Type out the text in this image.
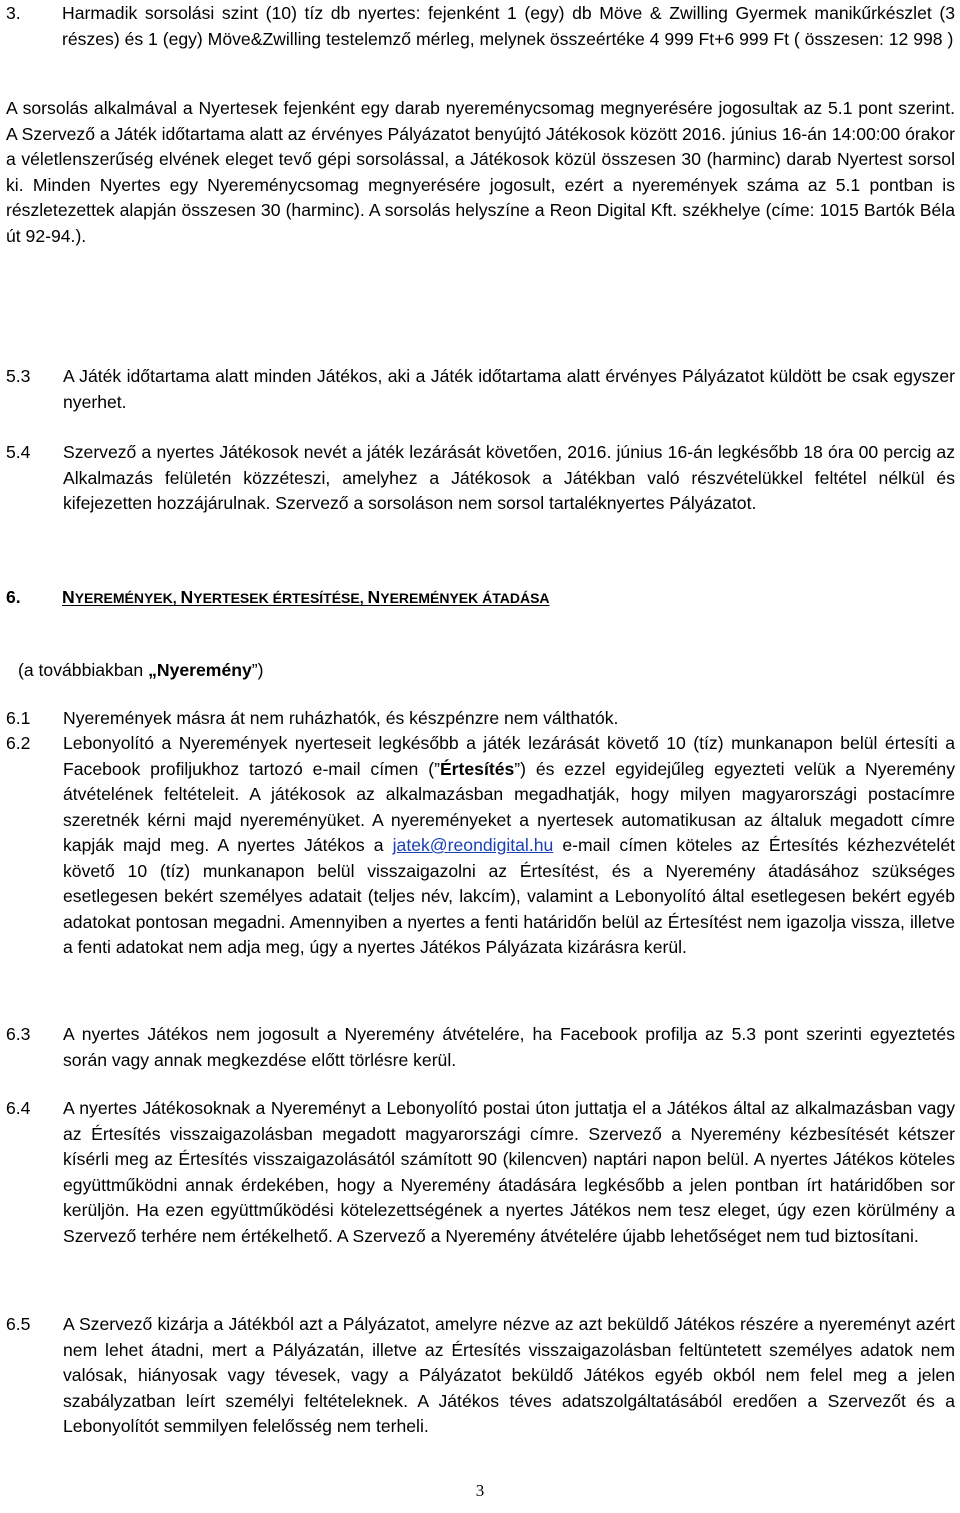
3. Harmadik sorsolási szint (10) tíz db nyertes: fejenként 1 (egy) db Möve & Zwilling Gyermek manikűrkészlet (3 részes) és 1 (egy) Möve&Zwilling testelemző mérleg, melynek összeértéke 4 999 Ft+6 999 Ft ( összesen: 12 998 )

A sorsolás alkalmával a Nyertesek fejenként egy darab nyereménycsomag megnyerésére jogosultak az 5.1 pont szerint. A Szervező a Játék időtartama alatt az érvényes Pályázatot benyújtó Játékosok között 2016. június 16-án 14:00:00 órakor a véletlenszerűség elvének eleget tevő gépi sorsolással, a Játékosok közül összesen 30 (harminc) darab Nyertest sorsol ki. Minden Nyertes egy Nyereménycsomag megnyerésére jogosult, ezért a nyeremények száma az 5.1 pontban is részletezettek alapján összesen 30 (harminc). A sorsolás helyszíne a Reon Digital Kft. székhelye (címe: 1015 Bartók Béla út 92-94.).

5.3 A Játék időtartama alatt minden Játékos, aki a Játék időtartama alatt érvényes Pályázatot küldött be csak egyszer nyerhet.
5.4 Szervező a nyertes Játékosok nevét a játék lezárását követően, 2016. június 16-án legkésőbb 18 óra 00 percig az Alkalmazás felületén közzéteszi, amelyhez a Játékosok a Játékban való részvételükkel feltétel nélkül és kifejezetten hozzájárulnak. Szervező a sorsoláson nem sorsol tartaléknyertes Pályázatot.
6. NYEREMÉNYEK, NYERTESEK ÉRTESÍTÉSE, NYEREMÉNYEK ÁTADÁSA

(a továbbiakban „Nyeremény”)

6.1 Nyeremények másra át nem ruházhatók, és készpénzre nem válthatók.
6.2 Lebonyolító a Nyeremények nyerteseit legkésőbb a játék lezárását követő 10 (tíz) munkanapon belül értesíti a Facebook profiljukhoz tartozó e-mail címen (”Értesítés”) és ezzel egyidejűleg egyezteti velük a Nyeremény átvételének feltételeit. A játékosok az alkalmazásban megadhatják, hogy milyen magyarországi postacímre szeretnék kérni majd nyereményüket. A nyereményeket a nyertesek automatikusan az általuk megadott címre kapják majd meg. A nyertes Játékos a jatek@reondigital.hu e-mail címen köteles az Értesítés kézhezvételét követő 10 (tíz) munkanapon belül visszaigazolni az Értesítést, és a Nyeremény átadásához szükséges esetlegesen bekért személyes adatait (teljes név, lakcím), valamint a Lebonyolító által esetlegesen bekért egyéb adatokat pontosan megadni. Amennyiben a nyertes a fenti határidőn belül az Értesítést nem igazolja vissza, illetve a fenti adatokat nem adja meg, úgy a nyertes Játékos Pályázata kizárásra kerül.
6.3 A nyertes Játékos nem jogosult a Nyeremény átvételére, ha Facebook profilja az 5.3 pont szerinti egyeztetés során vagy annak megkezdése előtt törlésre kerül.
6.4 A nyertes Játékosoknak a Nyereményt a Lebonyolító postai úton juttatja el a Játékos által az alkalmazásban vagy az Értesítés visszaigazolásban megadott magyarországi címre. Szervező a Nyeremény kézbesítését kétszer kísérli meg az Értesítés visszaigazolásától számított 90 (kilencven) naptári napon belül. A nyertes Játékos köteles együttműködni annak érdekében, hogy a Nyeremény átadására legkésőbb a jelen pontban írt határidőben sor kerüljön. Ha ezen együttműködési kötelezettségének a nyertes Játékos nem tesz eleget, úgy ezen körülmény a Szervező terhére nem értékelhető. A Szervező a Nyeremény átvételére újabb lehetőséget nem tud biztosítani.
6.5 A Szervező kizárja a Játékból azt a Pályázatot, amelyre nézve az azt beküldő Játékos részére a nyereményt azért nem lehet átadni, mert a Pályázatán, illetve az Értesítés visszaigazolásban feltüntetett személyes adatok nem valósak, hiányosak vagy tévesek, vagy a Pályázatot beküldő Játékos egyéb okból nem felel meg a jelen szabályzatban leírt személyi feltételeknek. A Játékos téves adatszolgáltatásából eredően a Szervezőt és a Lebonyolítót semmilyen felelősség nem terheli.
3
